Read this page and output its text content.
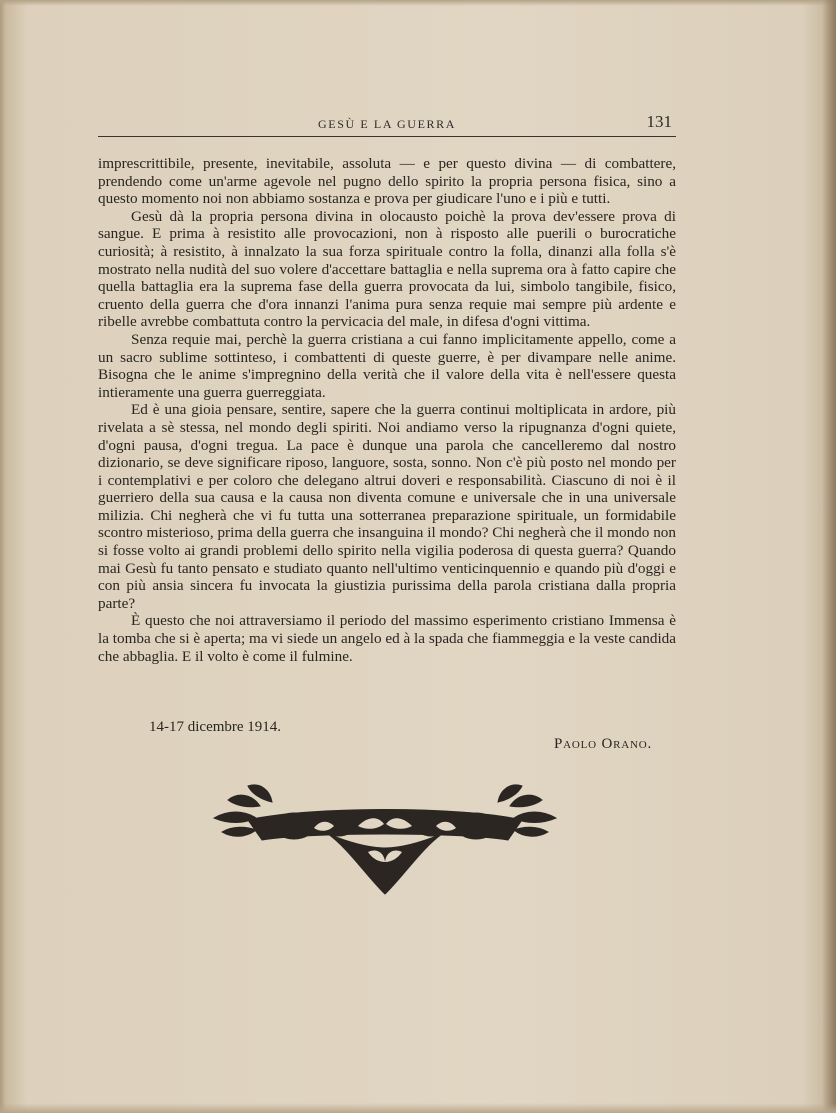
GESÙ E LA GUERRA	131

imprescrittibile, presente, inevitabile, assoluta — e per questo divina — di combattere, prendendo come un'arme agevole nel pugno dello spirito la propria persona fisica, sino a questo momento noi non abbiamo sostanza e prova per giudicare l'uno e i più e tutti.

Gesù dà la propria persona divina in olocausto poichè la prova dev'essere prova di sangue. E prima à resistito alle provocazioni, non à risposto alle puerili o burocratiche curiosità; à resistito, à innalzato la sua forza spirituale contro la folla, dinanzi alla folla s'è mostrato nella nudità del suo volere d'accettare battaglia e nella suprema ora à fatto capire che quella battaglia era la suprema fase della guerra provocata da lui, simbolo tangibile, fisico, cruento della guerra che d'ora innanzi l'anima pura senza requie mai sempre più ardente e ribelle avrebbe combattuta contro la pervicacia del male, in difesa d'ogni vittima.

Senza requie mai, perchè la guerra cristiana a cui fanno implicitamente appello, come a un sacro sublime sottinteso, i combattenti di queste guerre, è per divampare nelle anime. Bisogna che le anime s'impregnino della verità che il valore della vita è nell'essere questa intieramente una guerra guerreggiata.

Ed è una gioia pensare, sentire, sapere che la guerra continui moltiplicata in ardore, più rivelata a sè stessa, nel mondo degli spiriti. Noi andiamo verso la ripugnanza d'ogni quiete, d'ogni pausa, d'ogni tregua. La pace è dunque una parola che cancelleremo dal nostro dizionario, se deve significare riposo, languore, sosta, sonno. Non c'è più posto nel mondo per i contemplativi e per coloro che delegano altrui doveri e responsabilità. Ciascuno di noi è il guerriero della sua causa e la causa non diventa comune e universale che in una universale milizia. Chi negherà che vi fu tutta una sotterranea preparazione spirituale, un formidabile scontro misterioso, prima della guerra che insanguina il mondo? Chi negherà che il mondo non si fosse volto ai grandi problemi dello spirito nella vigilia poderosa di questa guerra? Quando mai Gesù fu tanto pensato e studiato quanto nell'ultimo venticinquennio e quando più d'oggi e con più ansia sincera fu invocata la giustizia purissima della parola cristiana dalla propria parte?

È questo che noi attraversiamo il periodo del massimo esperimento cristiano Immensa è la tomba che si è aperta; ma vi siede un angelo ed à la spada che fiammeggia e la veste candida che abbaglia. E il volto è come il fulmine.

14-17 dicembre 1914.
Paolo Orano.
